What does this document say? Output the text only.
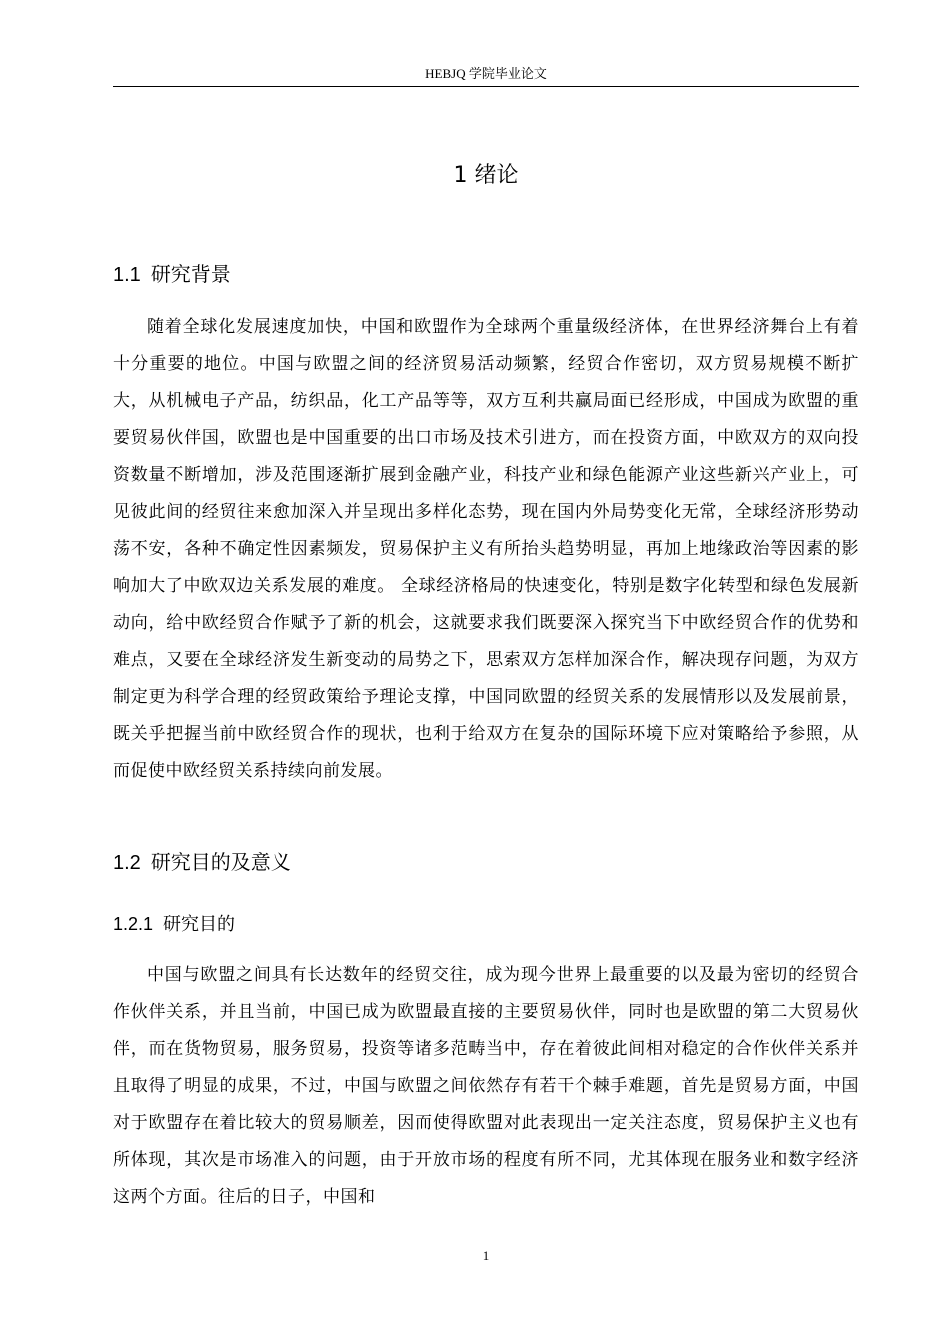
HEBJQ 学院毕业论文
1 绪论
1.1 研究背景

随着全球化发展速度加快，中国和欧盟作为全球两个重量级经济体，在世界经济舞台上有着十分重要的地位。中国与欧盟之间的经济贸易活动频繁，经贸合作密切，双方贸易规模不断扩大，从机械电子产品，纺织品，化工产品等等，双方互利共赢局面已经形成，中国成为欧盟的重要贸易伙伴国，欧盟也是中国重要的出口市场及技术引进方，而在投资方面，中欧双方的双向投资数量不断增加，涉及范围逐渐扩展到金融产业，科技产业和绿色能源产业这些新兴产业上，可见彼此间的经贸往来愈加深入并呈现出多样化态势，现在国内外局势变化无常，全球经济形势动荡不安，各种不确定性因素频发，贸易保护主义有所抬头趋势明显，再加上地缘政治等因素的影响加大了中欧双边关系发展的难度。 全球经济格局的快速变化，特别是数字化转型和绿色发展新动向，给中欧经贸合作赋予了新的机会，这就要求我们既要深入探究当下中欧经贸合作的优势和难点，又要在全球经济发生新变动的局势之下，思索双方怎样加深合作，解决现存问题，为双方制定更为科学合理的经贸政策给予理论支撑，中国同欧盟的经贸关系的发展情形以及发展前景，既关乎把握当前中欧经贸合作的现状，也利于给双方在复杂的国际环境下应对策略给予参照，从而促使中欧经贸关系持续向前发展。

1.2 研究目的及意义
1.2.1 研究目的

中国与欧盟之间具有长达数年的经贸交往，成为现今世界上最重要的以及最为密切的经贸合作伙伴关系，并且当前，中国已成为欧盟最直接的主要贸易伙伴，同时也是欧盟的第二大贸易伙伴，而在货物贸易，服务贸易，投资等诸多范畴当中，存在着彼此间相对稳定的合作伙伴关系并且取得了明显的成果，不过，中国与欧盟之间依然存有若干个棘手难题，首先是贸易方面，中国对于欧盟存在着比较大的贸易顺差，因而使得欧盟对此表现出一定关注态度，贸易保护主义也有所体现，其次是市场准入的问题，由于开放市场的程度有所不同，尤其体现在服务业和数字经济这两个方面。往后的日子，中国和

1
